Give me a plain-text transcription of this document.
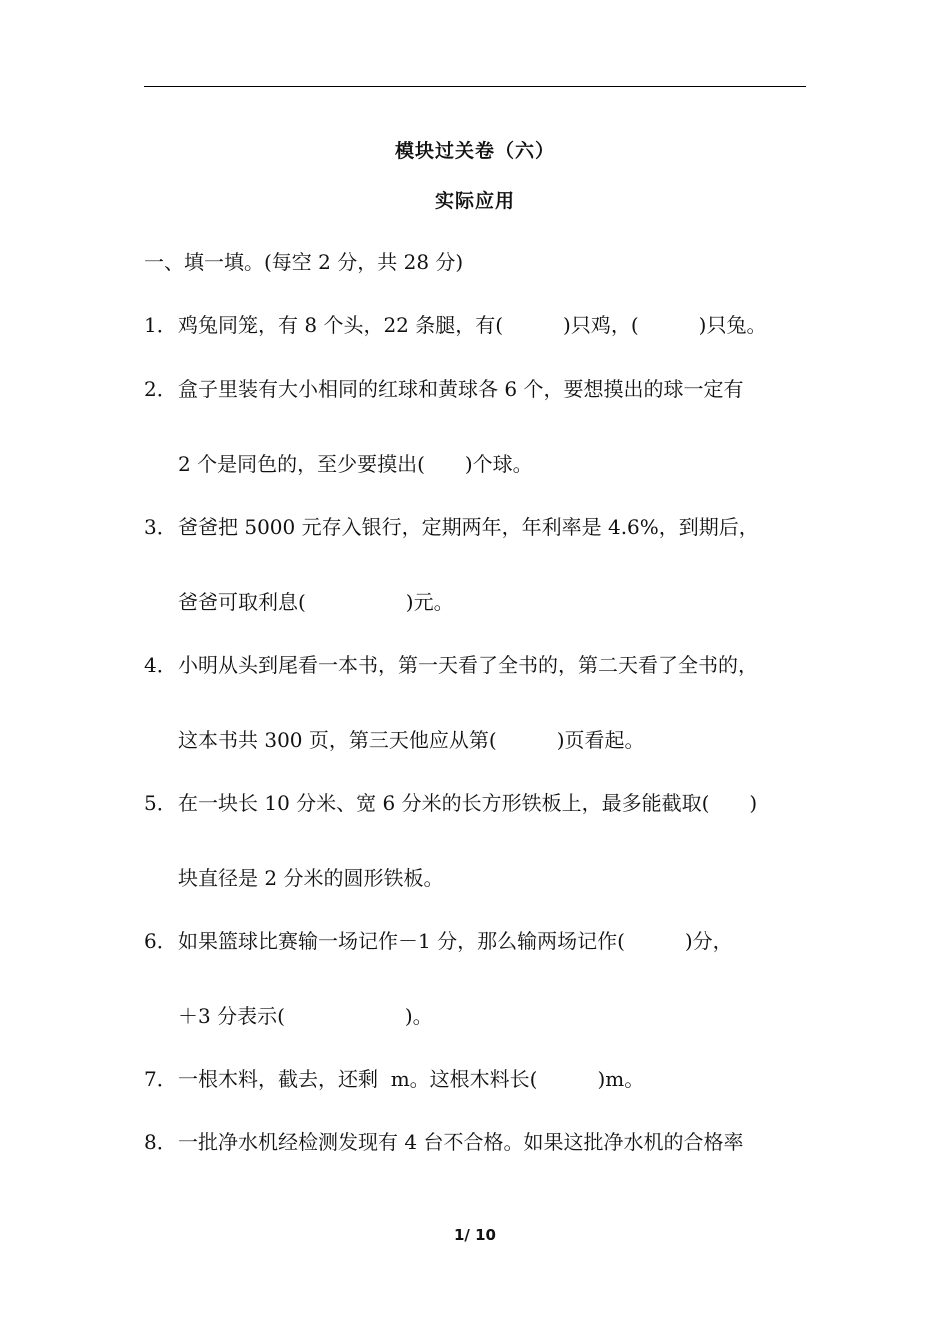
模块过关卷（六）
实际应用
一、填一填。(每空 2 分，共 28 分)
1． 鸡兔同笼，有 8 个头，22 条腿，有(　　　)只鸡，(　　　)只兔。
2． 盒子里装有大小相同的红球和黄球各 6 个，要想摸出的球一定有
2 个是同色的，至少要摸出(　　)个球。
3． 爸爸把 5000 元存入银行，定期两年，年利率是 4.6%，到期后，
爸爸可取利息(　　　　　)元。
4． 小明从头到尾看一本书，第一天看了全书的，第二天看了全书的，
这本书共 300 页，第三天他应从第(　　　)页看起。
5． 在一块长 10 分米、宽 6 分米的长方形铁板上，最多能截取(　　)
块直径是 2 分米的圆形铁板。
6． 如果篮球比赛输一场记作－1 分，那么输两场记作(　　　)分，
＋3 分表示(　　　　　　)。
7． 一根木料，截去，还剩  m。这根木料长(　　　)m。
8． 一批净水机经检测发现有 4 台不合格。如果这批净水机的合格率
1/ 10
